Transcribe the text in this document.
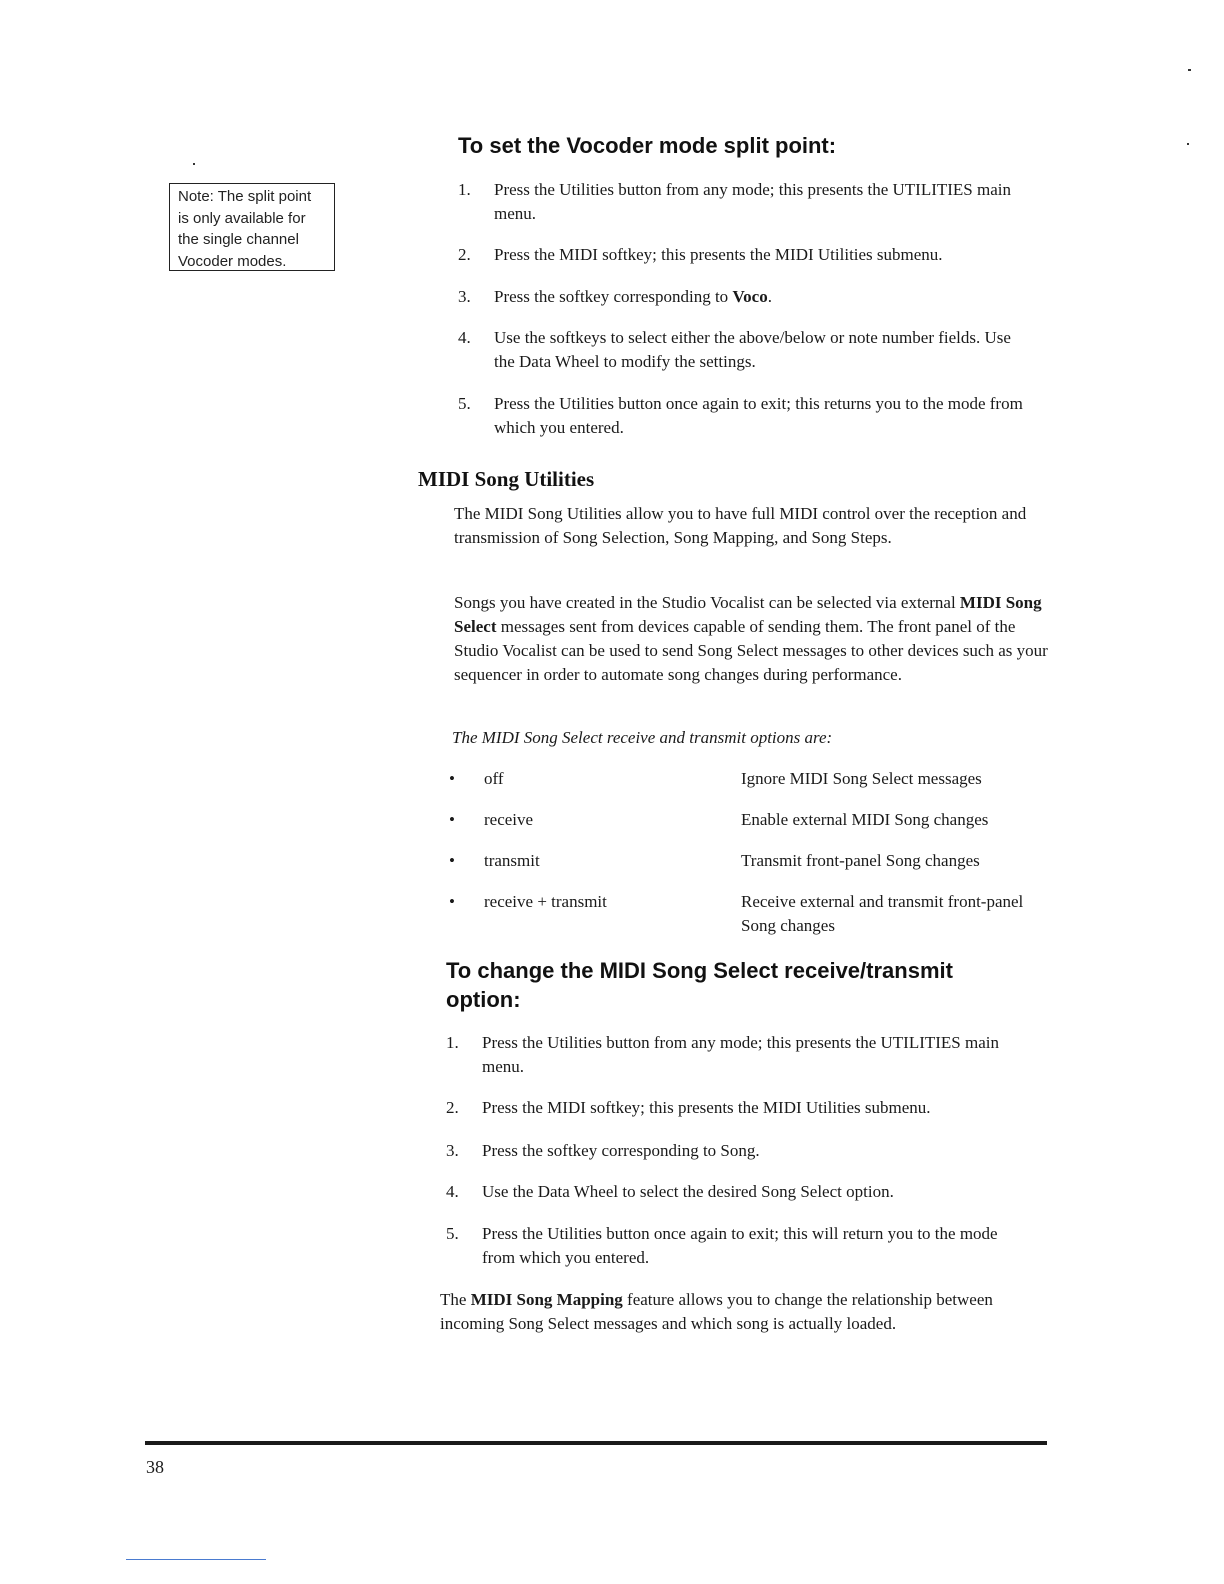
Note: The split point
is only available for
the single channel
Vocoder modes.
To set the Vocoder mode split point:
1. Press the Utilities button from any mode; this presents the UTILITIES main menu.
2. Press the MIDI softkey; this presents the MIDI Utilities submenu.
3. Press the softkey corresponding to Voco.
4. Use the softkeys to select either the above/below or note number fields. Use the Data Wheel to modify the settings.
5. Press the Utilities button once again to exit; this returns you to the mode from which you entered.
MIDI Song Utilities

The MIDI Song Utilities allow you to have full MIDI control over the reception and transmission of Song Selection, Song Mapping, and Song Steps.

Songs you have created in the Studio Vocalist can be selected via external MIDI Song Select messages sent from devices capable of sending them. The front panel of the Studio Vocalist can be used to send Song Select messages to other devices such as your sequencer in order to automate song changes during performance.

The MIDI Song Select receive and transmit options are:

• off	Ignore MIDI Song Select messages
• receive	Enable external MIDI Song changes
• transmit	Transmit front-panel Song changes
• receive + transmit	Receive external and transmit front-panel Song changes
To change the MIDI Song Select receive/transmit
option:
1. Press the Utilities button from any mode; this presents the UTILITIES main menu.
2. Press the MIDI softkey; this presents the MIDI Utilities submenu.
3. Press the softkey corresponding to Song.
4. Use the Data Wheel to select the desired Song Select option.
5. Press the Utilities button once again to exit; this will return you to the mode from which you entered.

The MIDI Song Mapping feature allows you to change the relationship between incoming Song Select messages and which song is actually loaded.

38
